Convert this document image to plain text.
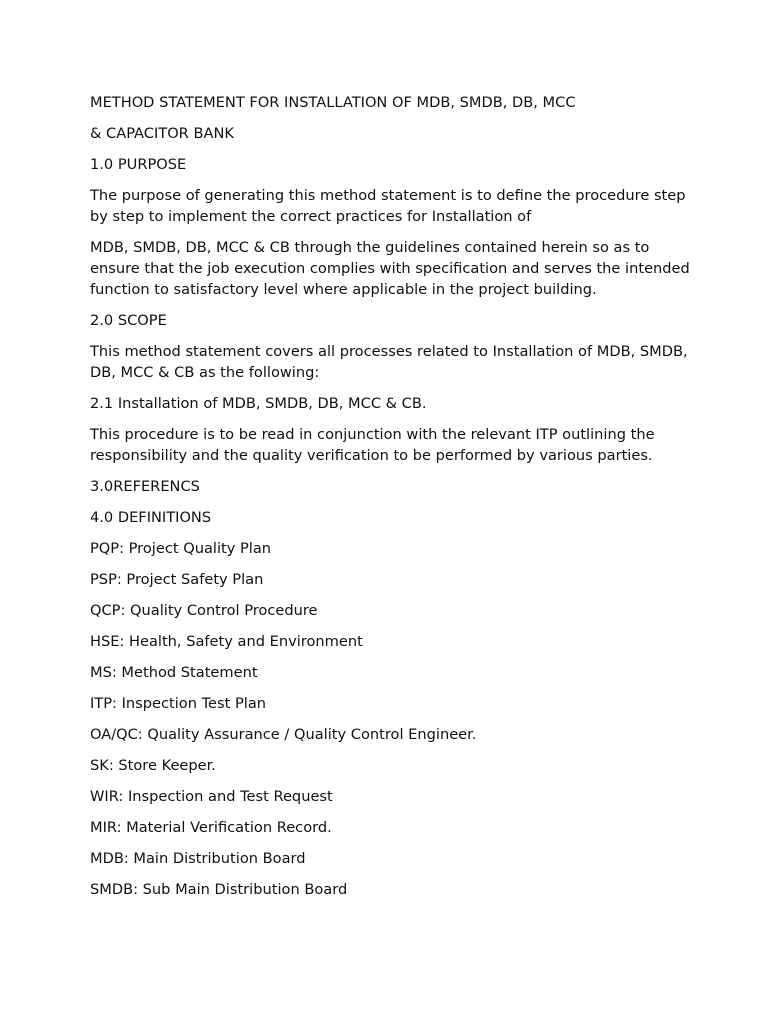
METHOD STATEMENT FOR INSTALLATION OF MDB, SMDB, DB, MCC

& CAPACITOR BANK

1.0 PURPOSE

The purpose of generating this method statement is to define the procedure step by step to implement the correct practices for Installation of

MDB, SMDB, DB, MCC & CB through the guidelines contained herein so as to ensure that the job execution complies with specification and serves the intended function to satisfactory level where applicable in the project building.

2.0 SCOPE

This method statement covers all processes related to Installation of MDB, SMDB, DB, MCC & CB as the following:

2.1 Installation of MDB, SMDB, DB, MCC & CB.

This procedure is to be read in conjunction with the relevant ITP outlining the responsibility and the quality verification to be performed by various parties.

3.0REFERENCS

4.0 DEFINITIONS

PQP: Project Quality Plan

PSP: Project Safety Plan

QCP: Quality Control Procedure

HSE: Health, Safety and Environment

MS: Method Statement

ITP: Inspection Test Plan

OA/QC: Quality Assurance / Quality Control Engineer.

SK: Store Keeper.

WIR: Inspection and Test Request

MIR: Material Verification Record.

MDB: Main Distribution Board

SMDB: Sub Main Distribution Board
